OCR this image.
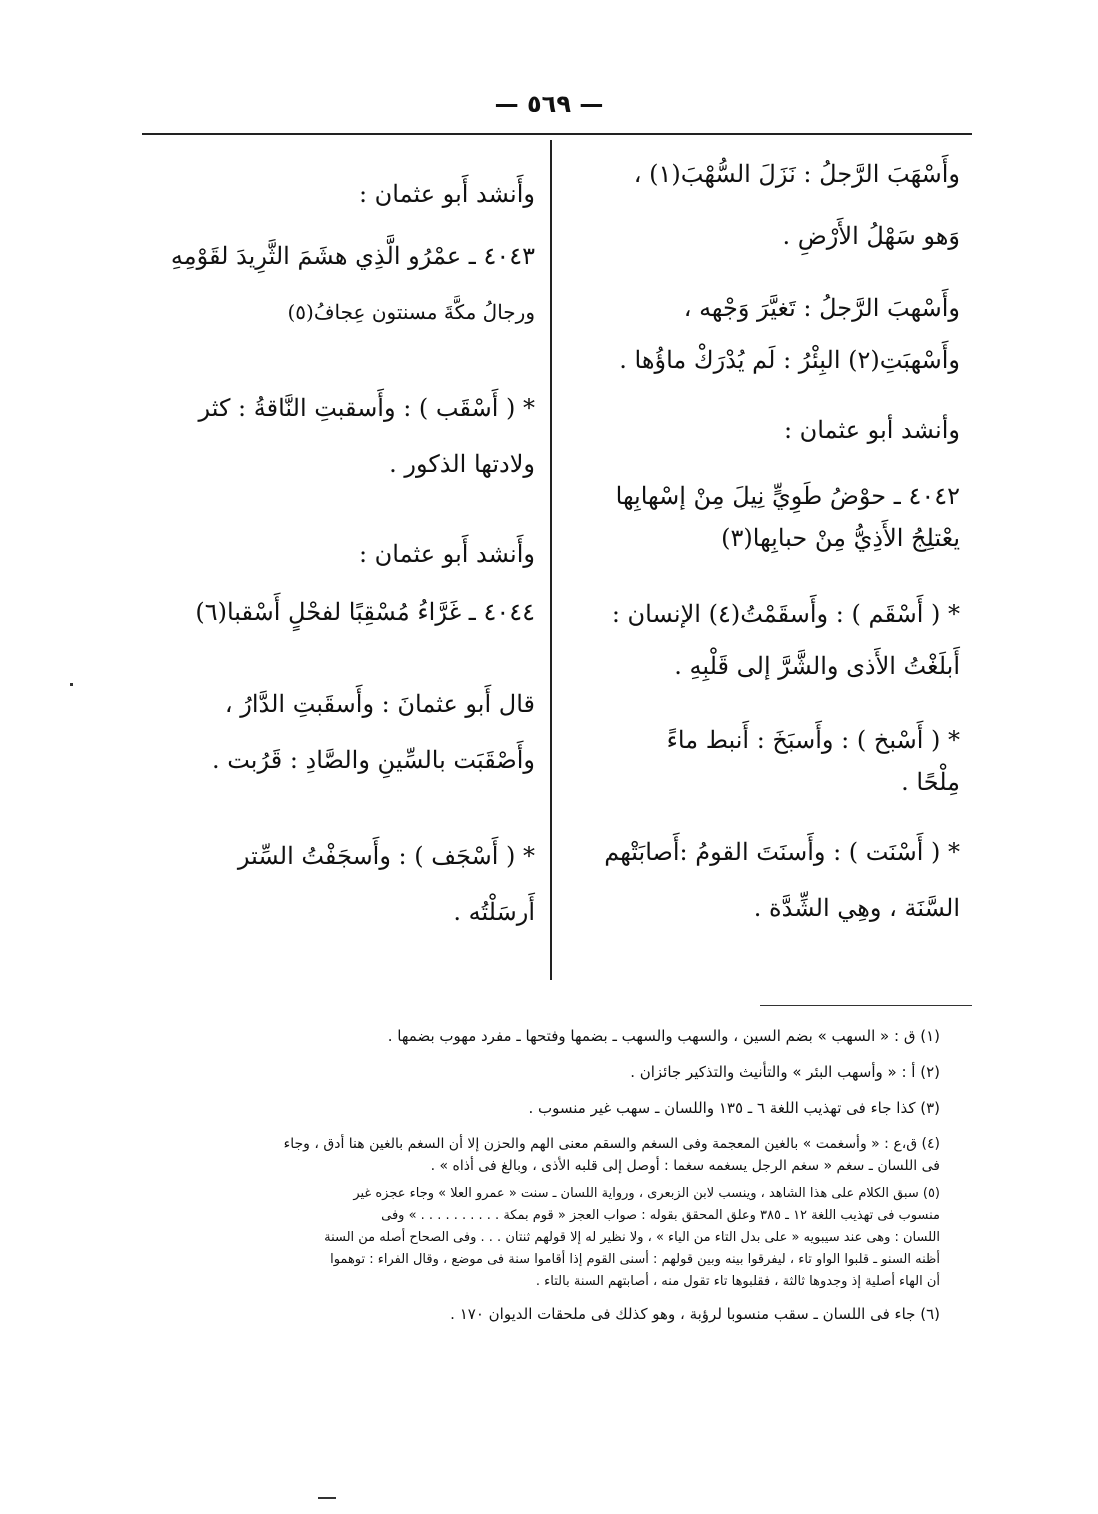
— ٥٦٩ —
وأَسْهَبَ الرَّجلُ : نَزَلَ السُّهْبَ(١) ،
وَهو سَهْلُ الأَرْضِ .
وأَسْهبَ الرَّجلُ : تَغيَّرَ وَجْهه ،
وأَسْهبَتِ(٢) البِئْرُ : لَم يُدْرَكْ ماؤُها .
وأنشد أبو عثمان :
٤٠٤٢ ـ حوْضُ طَوِيٍّ نِيلَ مِنْ إسْهابِها
يعْتلِجُ الأَذِيُّ مِنْ حبابِها(٣)
* ( أَسْقَم ) : وأَسقَمْتُ(٤) الإنسان :
أَبلَغْتُ الأَذى والشَّرَّ إلى قَلْبِهِ .
* ( أَسْبخ ) : وأَسبَخَ : أَنبط ماءً
مِلْحًا .
* ( أَسْنَت ) : وأَسنَتَ القومُ :أَصابَتْهم
السَّنَة ، وهِي الشِّدَّة .
وأَنشد أَبو عثمان :
٤٠٤٣ ـ عمْرُو الَّذِي هشَمَ الثَّرِيدَ لقَوْمِهِ
ورجالُ مكَّةَ مسنتون عِجافُ(٥)
* ( أَسْقَب ) : وأَسقبتِ النَّاقةُ : كثر
ولادتها الذكور .
وأَنشد أَبو عثمان :
٤٠٤٤ ـ غَرَّاءُ مُسْقِبًا لفحْلٍ أَسْقبا(٦)
قال أَبو عثمانَ : وأَسقَبتِ الدَّارُ ،
وأَصْقَبَت بالسِّينِ والصَّادِ : قَرُبت .
* ( أَسْجَف ) : وأَسجَفْتُ السِّتر
أَرسَلْتُه .
(١) ق : « السهب » بضم السين ، والسهب والسهب ـ بضمها وفتحها ـ مفرد مهوب بضمها .
(٢) أ : « وأسهب البئر » والتأنيث والتذكير جائزان .
(٣) كذا جاء فى تهذيب اللغة ٦ ـ ١٣٥ واللسان ـ سهب غير منسوب .
(٤) ق،ع : « وأسغمت » بالغين المعجمة وفى السغم والسقم معنى الهم والحزن إلا أن السغم بالغين هنا أدق ، وجاء
فى اللسان ـ سغم « سغم الرجل يسغمه سغما : أوصل إلى قلبه الأذى ، وبالغ فى أذاه » .
(٥) سبق الكلام على هذا الشاهد ، وينسب لابن الزبعرى ، ورواية اللسان ـ سنت « عمرو العلا » وجاء عجزه غير
منسوب فى تهذيب اللغة ١٢ ـ ٣٨٥ وعلق المحقق بقوله : صواب العجز « قوم بمكة . . . . . . . . . . » وفى
اللسان : وهى عند سيبويه « على بدل التاء من الياء » ، ولا نظير له إلا قولهم ثنتان . . . وفى الصحاح أصله من السنة
أظنه السنو ـ قلبوا الواو تاء ، ليفرقوا بينه وبين قولهم : أسنى القوم إذا أقاموا سنة فى موضع ، وقال الفراء : توهموا
أن الهاء أصلية إذ وجدوها ثالثة ، فقلبوها تاء تقول منه ، أصابتهم السنة بالتاء .
(٦) جاء فى اللسان ـ سقب منسوبا لرؤبة ، وهو كذلك فى ملحقات الديوان ١٧٠ .
